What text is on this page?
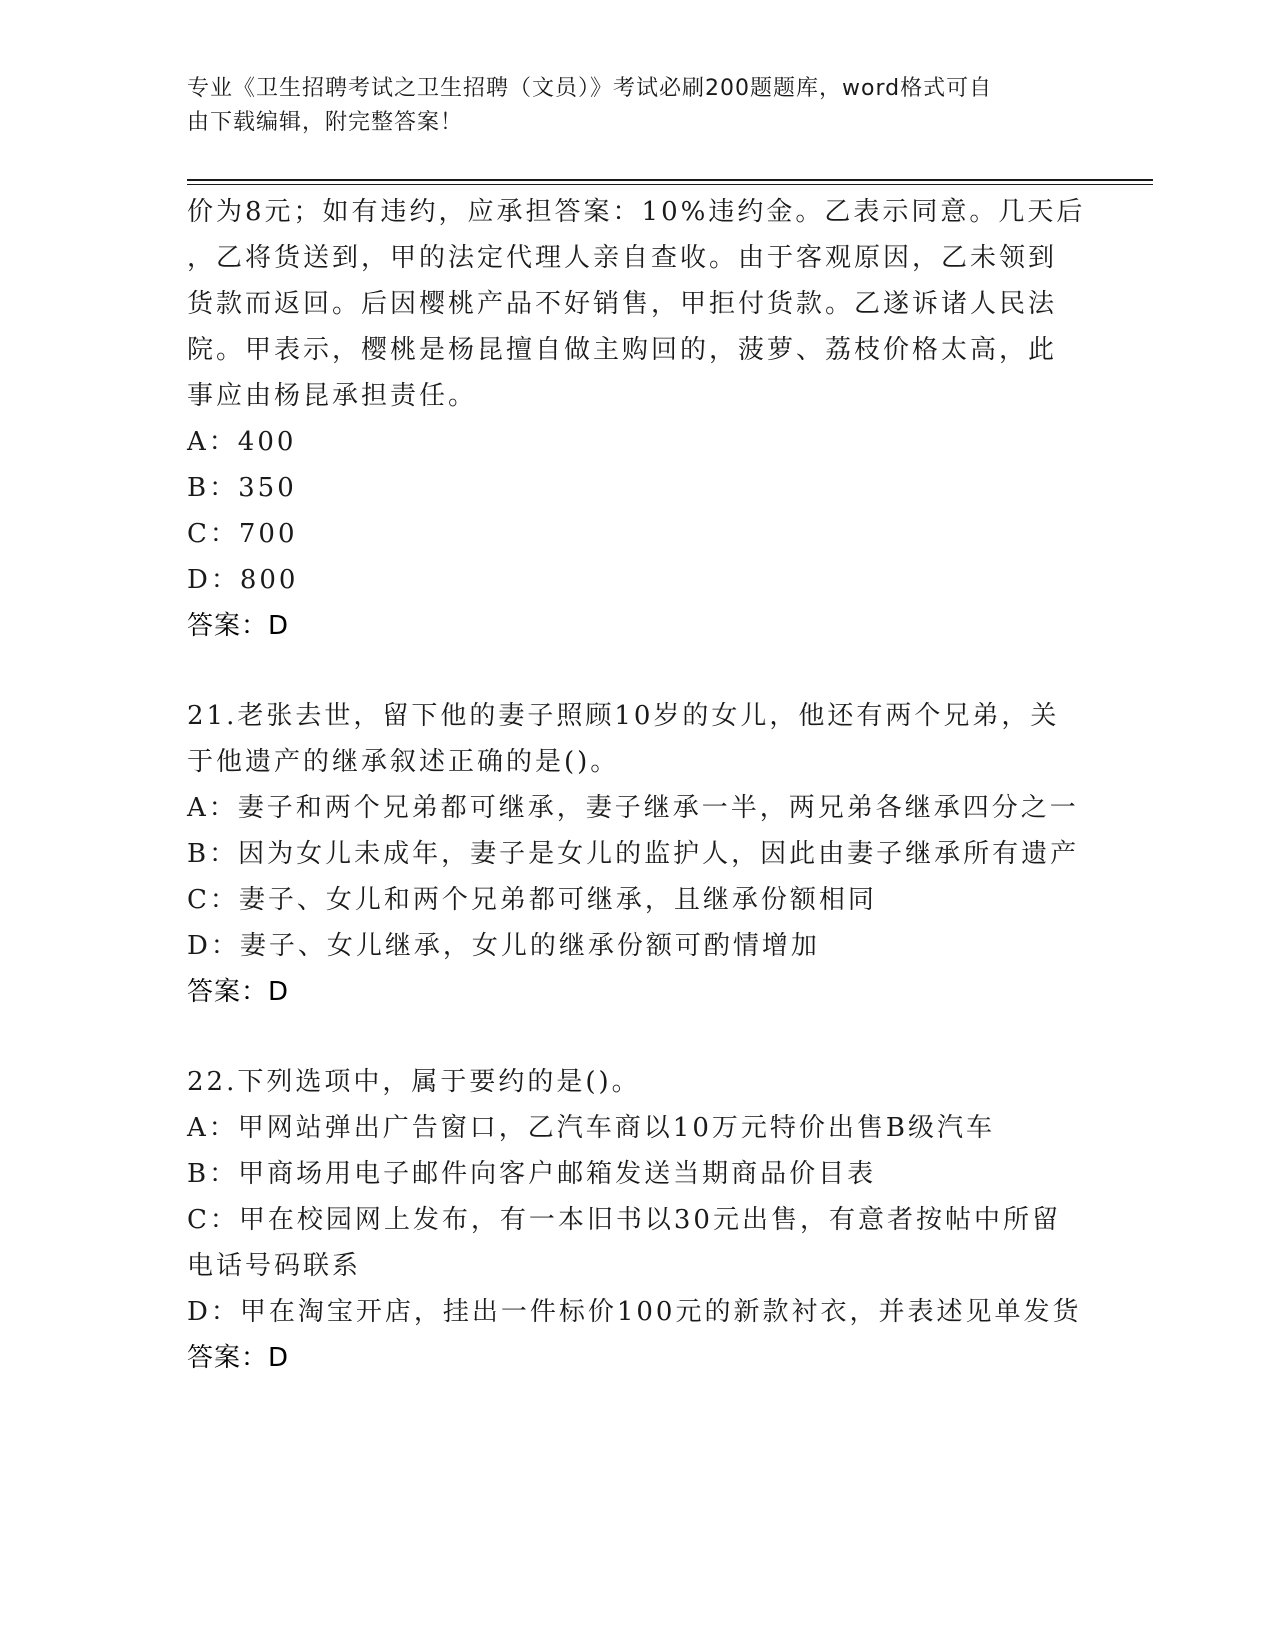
专业《卫生招聘考试之卫生招聘（文员）》考试必刷200题题库，word格式可自
由下载编辑，附完整答案！
价为8元；如有违约，应承担答案：10%违约金。乙表示同意。几天后
，乙将货送到，甲的法定代理人亲自查收。由于客观原因，乙未领到
货款而返回。后因樱桃产品不好销售，甲拒付货款。乙遂诉诸人民法
院。甲表示，樱桃是杨昆擅自做主购回的，菠萝、荔枝价格太高，此
事应由杨昆承担责任。
A：400
B：350
C：700
D：800
答案：D
21.老张去世，留下他的妻子照顾10岁的女儿，他还有两个兄弟，关
于他遗产的继承叙述正确的是()。
A：妻子和两个兄弟都可继承，妻子继承一半，两兄弟各继承四分之一
B：因为女儿未成年，妻子是女儿的监护人，因此由妻子继承所有遗产
C：妻子、女儿和两个兄弟都可继承，且继承份额相同
D：妻子、女儿继承，女儿的继承份额可酌情增加
答案：D
22.下列选项中，属于要约的是()。
A：甲网站弹出广告窗口，乙汽车商以10万元特价出售B级汽车
B：甲商场用电子邮件向客户邮箱发送当期商品价目表
C：甲在校园网上发布，有一本旧书以30元出售，有意者按帖中所留
电话号码联系
D：甲在淘宝开店，挂出一件标价100元的新款衬衣，并表述见单发货
答案：D
